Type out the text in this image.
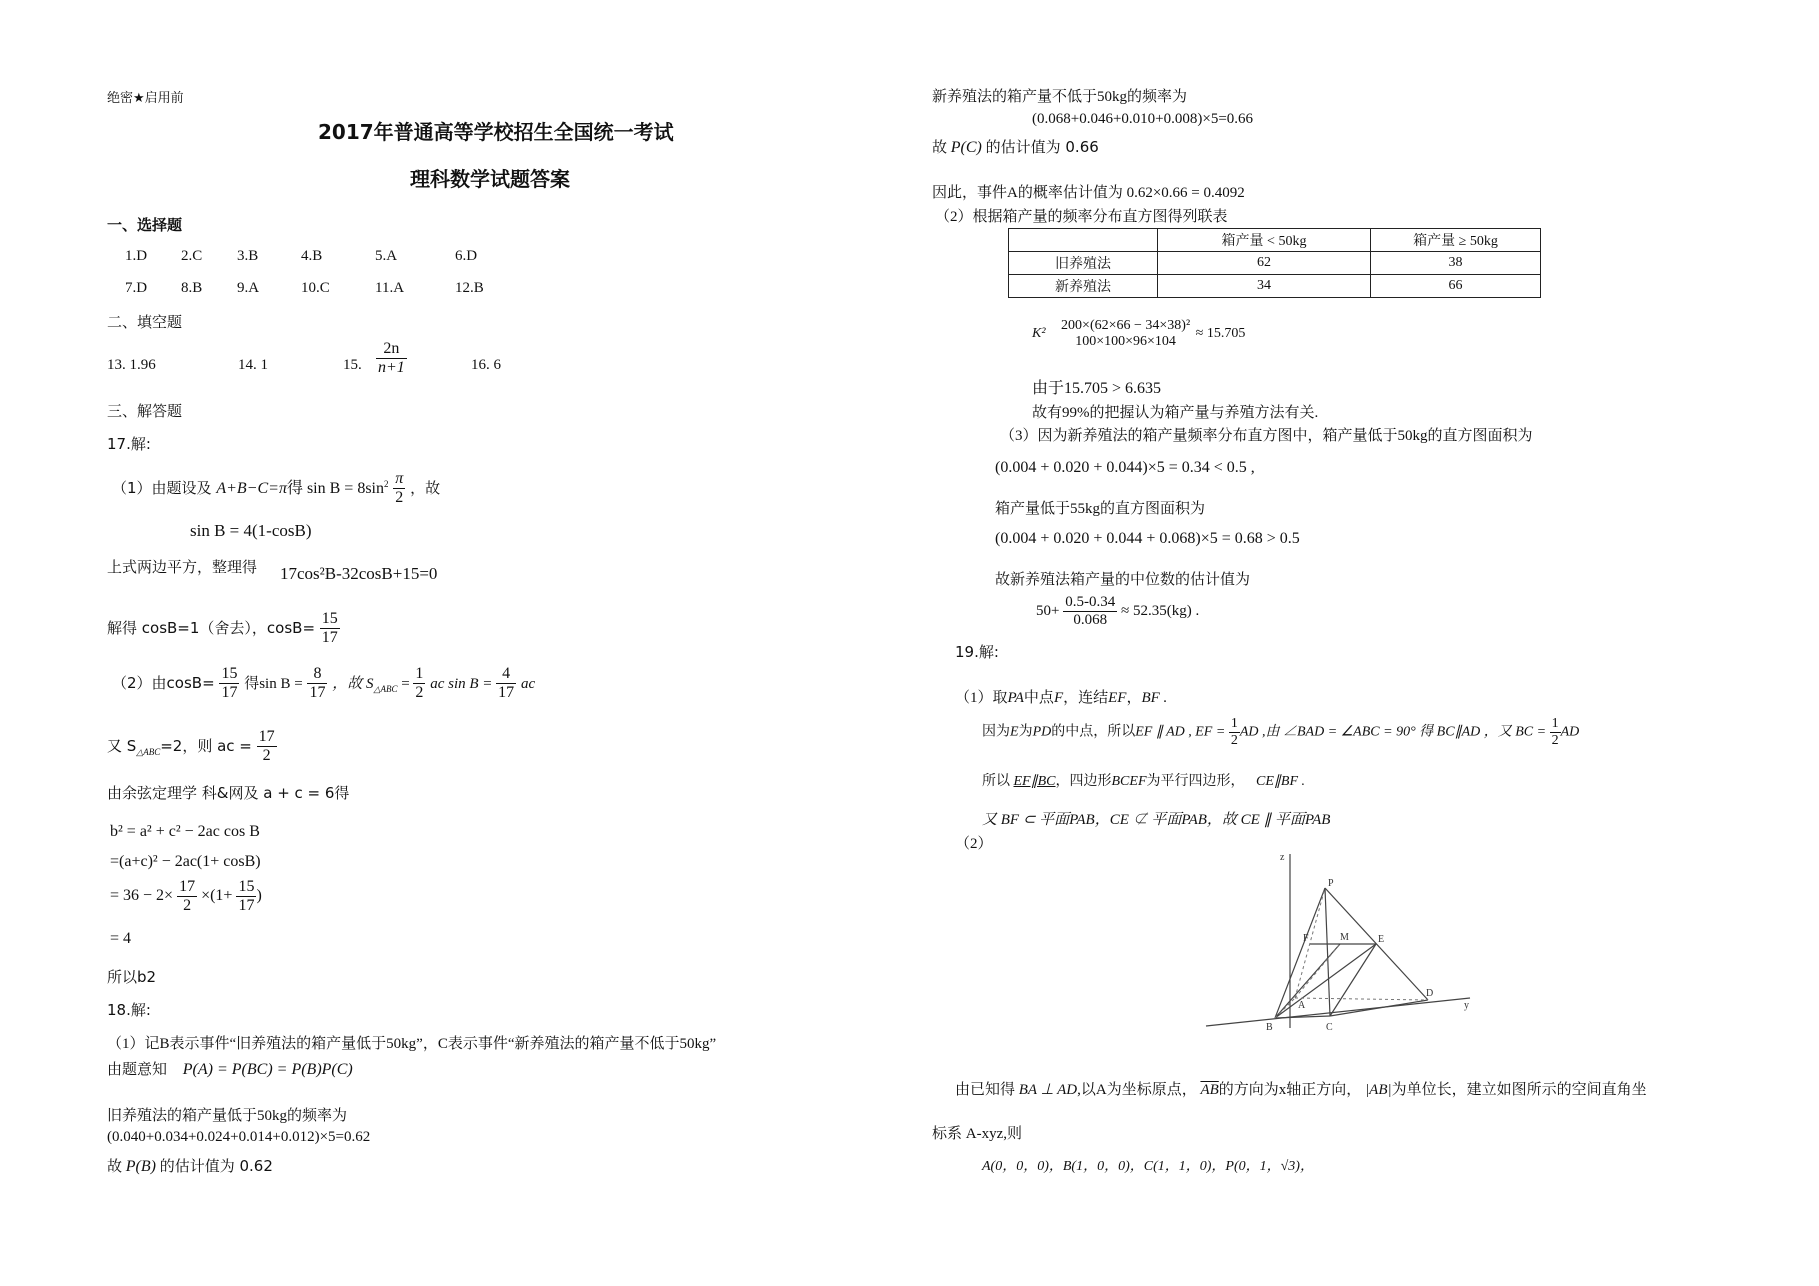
绝密★启用前
2017年普通高等学校招生全国统一考试
理科数学试题答案
一、选择题
1.D 2.C 3.B	4.B	5.A	6.D
7.D 8.B 9.A	10.C	11.A	12.B
二、填空题
13. 1.96	14. 1	15. $\frac{2n}{n+1}$	16. 6
三、解答题
17.解:
（1）由题设及 A+B−C=π得 $\sin B = 8\sin^2 \frac{\pi}{2}$ ，故
sin B = 4(1-cosB)
上式两边平方，整理得 17cos²B-32cosB+15=0
解得 cosB=1（舍去），$\cos B= \frac{15}{17}$
（2）由$\cos B= \frac{15}{17}$ 得$\sin B = \frac{8}{17}$ ，故 $S_{\triangle ABC} = \frac{1}{2}$ ac $\sin B = \frac{4}{17}$ ac
又 $S_{\triangle ABC}=2$，则 ac = $\frac{17}{2}$
由余弦定理学 科&网及 a + c = 6得
b² = a² + c² − 2ac cos B
=(a+c)² − 2ac(1+ cosB)
= $36 - 2\times \frac{17}{2} \times(1+ \frac{15}{17}$ )
= 4
所以b2
18.解:
（1）记B表示事件“旧养殖法的箱产量低于50kg”，C表示事件“新养殖法的箱产量不低于50kg”
由题意知 P(A) = P(BC) = P(B)P(C)
旧养殖法的箱产量低于50kg的频率为
(0.040+0.034+0.024+0.014+0.012)×5=0.62
故 P(B) 的估计值为 0.62
新养殖法的箱产量不低于50kg的频率为
(0.068+0.046+0.010+0.008)×5=0.66
故 P(C) 的估计值为 0.66
因此，事件A的概率估计值为 0.62×0.66 = 0.4092
（2）根据箱产量的频率分布直方图得列联表
	箱产量 < 50kg	箱产量 ≥ 50kg
旧养殖法	62	38
新养殖法	34	66
K²
200×(62×66 − 34×38)²
100×100×96×104
≈ 15.705
由于15.705 > 6.635
故有99%的把握认为箱产量与养殖方法有关.
（3）因为新养殖法的箱产量频率分布直方图中，箱产量低于50kg的直方图面积为
(0.004 + 0.020 + 0.044)×5 = 0.34 < 0.5 ,
箱产量低于55kg的直方图面积为
(0.004 + 0.020 + 0.044 + 0.068)×5 = 0.68 > 0.5
故新养殖法箱产量的中位数的估计值为
$50+ \frac{0.5-0.34}{0.068} \approx 52.35(kg)$ .
19.解:
（1）取PA中点F，连结EF，BF .
因为E为PD的中点，所以EF ∥ AD , EF = $\frac{1}{2}$ AD ,由 ∠BAD = ∠ABC = 90° 得 BC∥AD ，又 BC = $\frac{1}{2}$ AD
所以 EF∥BC，四边形BCEF为平行四边形， CE∥BF .
又 BF ⊂ 平面PAB，CE ⊄ 平面PAB，故 CE ∥ 平面PAB
（2）
z
P
F	M	E
A
B	C
D
y
由已知得 BA ⊥ AD,以A为坐标原点， $\overline{AB}$的方向为x轴正方向， |AB|为单位长，建立如图所示的空间直角坐
标系 A-xyz,则
A(0，0，0)，B(1，0，0)，C(1，1，0)，P(0，1，√3)，
